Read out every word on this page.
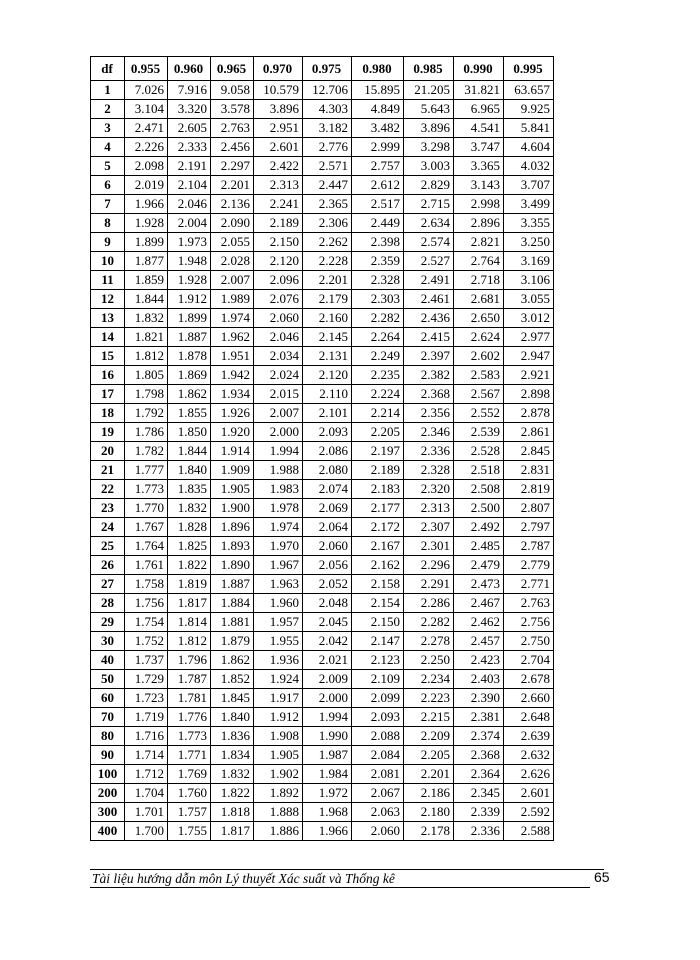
df	0.955	0.960	0.965	0.970	0.975	0.980	0.985	0.990	0.995
1	7.026	7.916	9.058	10.579	12.706	15.895	21.205	31.821	63.657
2	3.104	3.320	3.578	3.896	4.303	4.849	5.643	6.965	9.925
3	2.471	2.605	2.763	2.951	3.182	3.482	3.896	4.541	5.841
4	2.226	2.333	2.456	2.601	2.776	2.999	3.298	3.747	4.604
5	2.098	2.191	2.297	2.422	2.571	2.757	3.003	3.365	4.032
6	2.019	2.104	2.201	2.313	2.447	2.612	2.829	3.143	3.707
7	1.966	2.046	2.136	2.241	2.365	2.517	2.715	2.998	3.499
8	1.928	2.004	2.090	2.189	2.306	2.449	2.634	2.896	3.355
9	1.899	1.973	2.055	2.150	2.262	2.398	2.574	2.821	3.250
10	1.877	1.948	2.028	2.120	2.228	2.359	2.527	2.764	3.169
11	1.859	1.928	2.007	2.096	2.201	2.328	2.491	2.718	3.106
12	1.844	1.912	1.989	2.076	2.179	2.303	2.461	2.681	3.055
13	1.832	1.899	1.974	2.060	2.160	2.282	2.436	2.650	3.012
14	1.821	1.887	1.962	2.046	2.145	2.264	2.415	2.624	2.977
15	1.812	1.878	1.951	2.034	2.131	2.249	2.397	2.602	2.947
16	1.805	1.869	1.942	2.024	2.120	2.235	2.382	2.583	2.921
17	1.798	1.862	1.934	2.015	2.110	2.224	2.368	2.567	2.898
18	1.792	1.855	1.926	2.007	2.101	2.214	2.356	2.552	2.878
19	1.786	1.850	1.920	2.000	2.093	2.205	2.346	2.539	2.861
20	1.782	1.844	1.914	1.994	2.086	2.197	2.336	2.528	2.845
21	1.777	1.840	1.909	1.988	2.080	2.189	2.328	2.518	2.831
22	1.773	1.835	1.905	1.983	2.074	2.183	2.320	2.508	2.819
23	1.770	1.832	1.900	1.978	2.069	2.177	2.313	2.500	2.807
24	1.767	1.828	1.896	1.974	2.064	2.172	2.307	2.492	2.797
25	1.764	1.825	1.893	1.970	2.060	2.167	2.301	2.485	2.787
26	1.761	1.822	1.890	1.967	2.056	2.162	2.296	2.479	2.779
27	1.758	1.819	1.887	1.963	2.052	2.158	2.291	2.473	2.771
28	1.756	1.817	1.884	1.960	2.048	2.154	2.286	2.467	2.763
29	1.754	1.814	1.881	1.957	2.045	2.150	2.282	2.462	2.756
30	1.752	1.812	1.879	1.955	2.042	2.147	2.278	2.457	2.750
40	1.737	1.796	1.862	1.936	2.021	2.123	2.250	2.423	2.704
50	1.729	1.787	1.852	1.924	2.009	2.109	2.234	2.403	2.678
60	1.723	1.781	1.845	1.917	2.000	2.099	2.223	2.390	2.660
70	1.719	1.776	1.840	1.912	1.994	2.093	2.215	2.381	2.648
80	1.716	1.773	1.836	1.908	1.990	2.088	2.209	2.374	2.639
90	1.714	1.771	1.834	1.905	1.987	2.084	2.205	2.368	2.632
100	1.712	1.769	1.832	1.902	1.984	2.081	2.201	2.364	2.626
200	1.704	1.760	1.822	1.892	1.972	2.067	2.186	2.345	2.601
300	1.701	1.757	1.818	1.888	1.968	2.063	2.180	2.339	2.592
400	1.700	1.755	1.817	1.886	1.966	2.060	2.178	2.336	2.588
Tài liệu hướng dẫn môn Lý thuyết Xác suất và Thống kê	65
